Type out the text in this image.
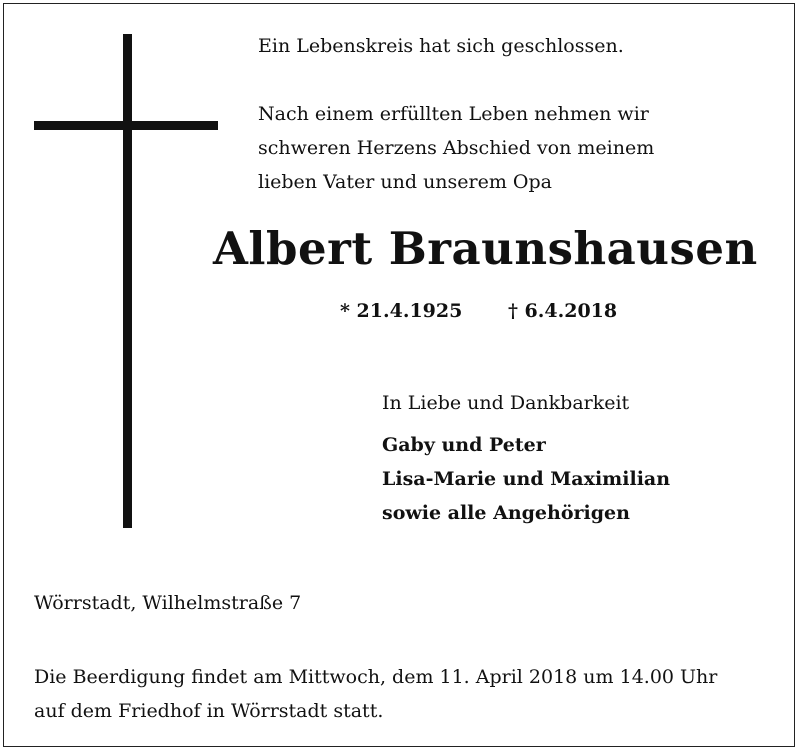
Ein Lebenskreis hat sich geschlossen.
Nach einem erfüllten Leben nehmen wir
schweren Herzens Abschied von meinem
lieben Vater und unserem Opa
Albert Braunshausen
* 21.4.1925 † 6.4.2018
In Liebe und Dankbarkeit
Gaby und Peter
Lisa-Marie und Maximilian
sowie alle Angehörigen
Wörrstadt, Wilhelmstraße 7
Die Beerdigung findet am Mittwoch, dem 11. April 2018 um 14.00 Uhr
auf dem Friedhof in Wörrstadt statt.
